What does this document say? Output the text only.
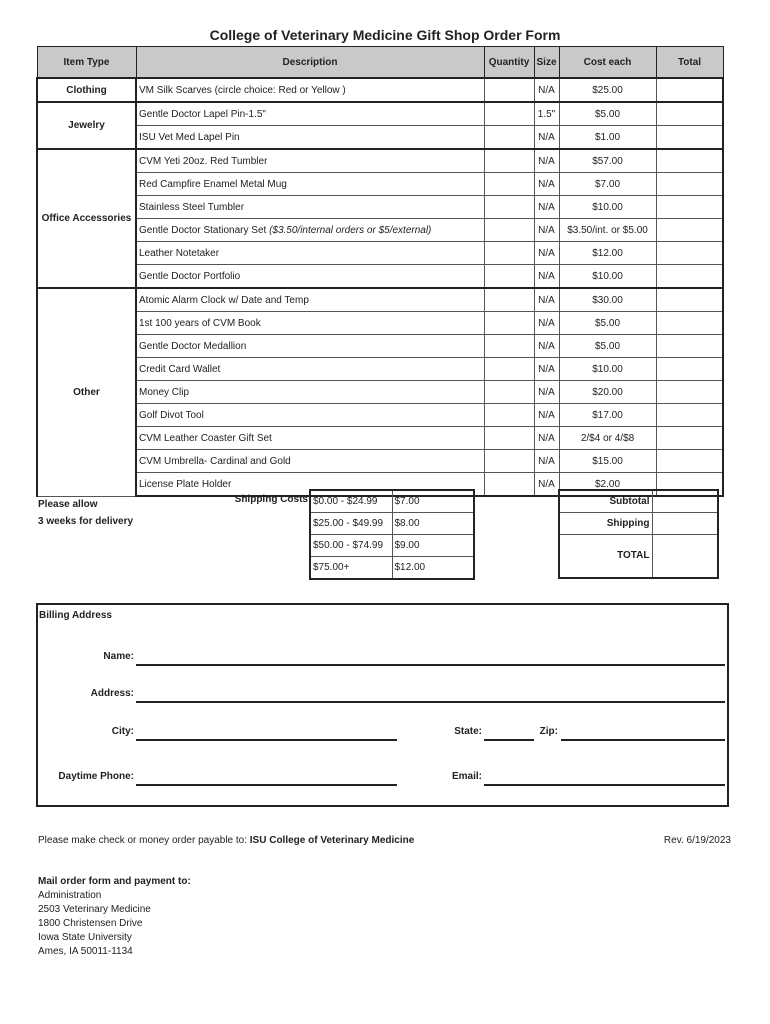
College of Veterinary Medicine Gift Shop Order Form
Item Type	Description	Quantity	Size	Cost each	Total
Clothing	VM Silk Scarves (circle choice: Red or Yellow )		N/A	$25.00	
Jewelry	Gentle Doctor Lapel Pin-1.5"		1.5"	$5.00	
	ISU Vet Med Lapel Pin		N/A	$1.00	
Office Accessories	CVM Yeti 20oz. Red Tumbler		N/A	$57.00	
	Red Campfire Enamel Metal Mug		N/A	$7.00	
	Stainless Steel Tumbler		N/A	$10.00	
	Gentle Doctor Stationary Set ($3.50/internal orders or $5/external)		N/A	$3.50/int. or $5.00	
	Leather Notetaker		N/A	$12.00	
	Gentle Doctor Portfolio		N/A	$10.00	
Other	Atomic Alarm Clock w/ Date and Temp		N/A	$30.00	
	1st 100 years of CVM Book		N/A	$5.00	
	Gentle Doctor Medallion		N/A	$5.00	
	Credit Card Wallet		N/A	$10.00	
	Money Clip		N/A	$20.00	
	Golf Divot Tool		N/A	$17.00	
	CVM Leather Coaster Gift Set		N/A	2/$4 or 4/$8	
	CVM Umbrella- Cardinal and Gold		N/A	$15.00	
	License Plate Holder		N/A	$2.00	
Please allow
3 weeks for delivery
Shipping Costs $0.00 - $24.99	$7.00
$25.00 - $49.99	$8.00
$50.00 - $74.99	$9.00
$75.00+	$12.00
Subtotal	
Shipping	
TOTAL	
Billing Address
Name:
Address:
City:	State:	Zip:
Daytime Phone:	Email:
Please make check or money order payable to: ISU College of Veterinary Medicine	Rev. 6/19/2023
Mail order form and payment to:
Administration
2503 Veterinary Medicine
1800 Christensen Drive
Iowa State University
Ames, IA 50011-1134
